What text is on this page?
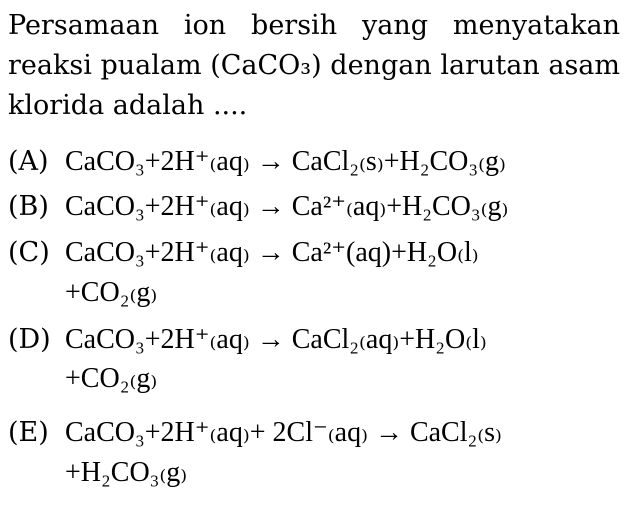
Persamaan ion bersih yang menyatakan reaksi pualam (CaCO₃) dengan larutan asam klorida adalah ....
(A) CaCO₃+2H⁺₍aq₎ → CaCl₂₍s₎+H₂CO₃₍g₎
(B) CaCO₃+2H⁺₍aq₎ → Ca²⁺₍aq₎+H₂CO₃₍g₎
(C) CaCO₃+2H⁺₍aq₎ → Ca²⁺(aq)+H₂O₍l₎
+CO₂₍g₎
(D) CaCO₃+2H⁺₍aq₎ → CaCl₂₍aq₎+H₂O₍l₎
+CO₂₍g₎
(E) CaCO₃+2H⁺₍aq₎+ 2Cl⁻₍aq₎ → CaCl₂₍s₎
+H₂CO₃₍g₎
